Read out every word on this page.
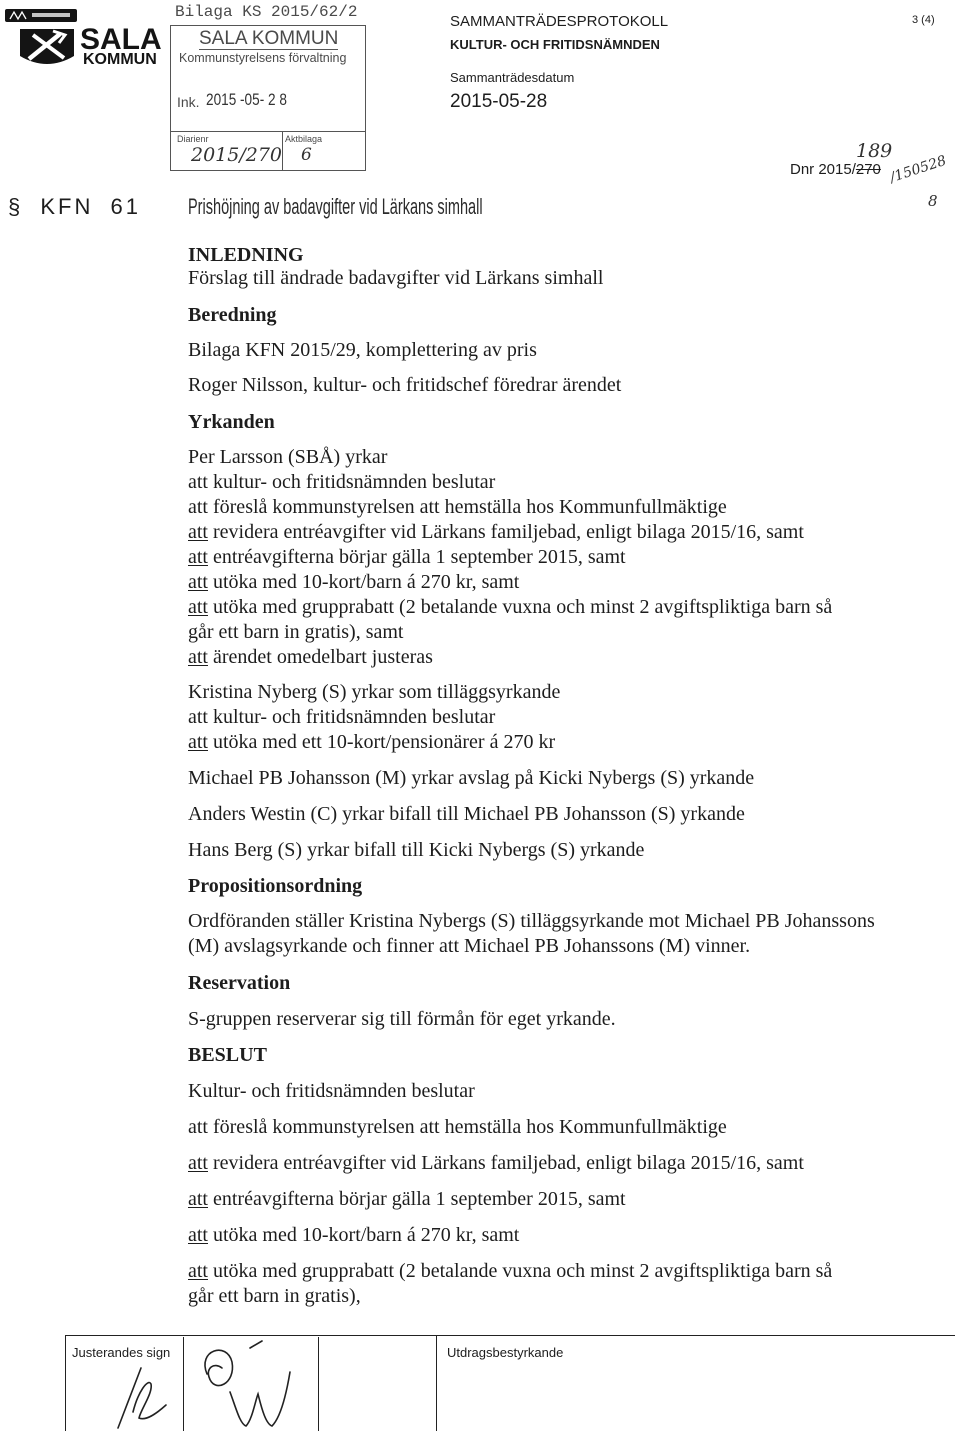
SALA
KOMMUN
Bilaga KS 2015/62/2
SALA KOMMUN
Kommunstyrelsens förvaltning
Ink. 2015 -05- 2 8
Diarienr
2015/270
Aktbilaga
6
SAMMANTRÄDESPROTOKOLL
KULTUR- OCH FRITIDSNÄMNDEN
Sammanträdesdatum
2015-05-28
3 (4)
189
Dnr 2015/270 /150528
8
§ KFN 61 Prishöjning av badavgifter vid Lärkans simhall
INLEDNING
Förslag till ändrade badavgifter vid Lärkans simhall
Beredning
Bilaga KFN 2015/29, komplettering av pris
Roger Nilsson, kultur- och fritidschef föredrar ärendet
Yrkanden
Per Larsson (SBÅ) yrkar
att kultur- och fritidsnämnden beslutar
att föreslå kommunstyrelsen att hemställa hos Kommunfullmäktige
att revidera entréavgifter vid Lärkans familjebad, enligt bilaga 2015/16, samt
att entréavgifterna börjar gälla 1 september 2015, samt
att utöka med 10-kort/barn á 270 kr, samt
att utöka med grupprabatt (2 betalande vuxna och minst 2 avgiftspliktiga barn så
går ett barn in gratis), samt
att ärendet omedelbart justeras
Kristina Nyberg (S) yrkar som tilläggsyrkande
att kultur- och fritidsnämnden beslutar
att utöka med ett 10-kort/pensionärer á 270 kr
Michael PB Johansson (M) yrkar avslag på Kicki Nybergs (S) yrkande
Anders Westin (C) yrkar bifall till Michael PB Johansson (S) yrkande
Hans Berg (S) yrkar bifall till Kicki Nybergs (S) yrkande
Propositionsordning
Ordföranden ställer Kristina Nybergs (S) tilläggsyrkande mot Michael PB Johanssons
(M) avslagsyrkande och finner att Michael PB Johanssons (M) vinner.
Reservation
S-gruppen reserverar sig till förmån för eget yrkande.
BESLUT
Kultur- och fritidsnämnden beslutar
att föreslå kommunstyrelsen att hemställa hos Kommunfullmäktige
att revidera entréavgifter vid Lärkans familjebad, enligt bilaga 2015/16, samt
att entréavgifterna börjar gälla 1 september 2015, samt
att utöka med 10-kort/barn á 270 kr, samt
att utöka med grupprabatt (2 betalande vuxna och minst 2 avgiftspliktiga barn så
går ett barn in gratis),
Justerandes sign	Utdragsbestyrkande
